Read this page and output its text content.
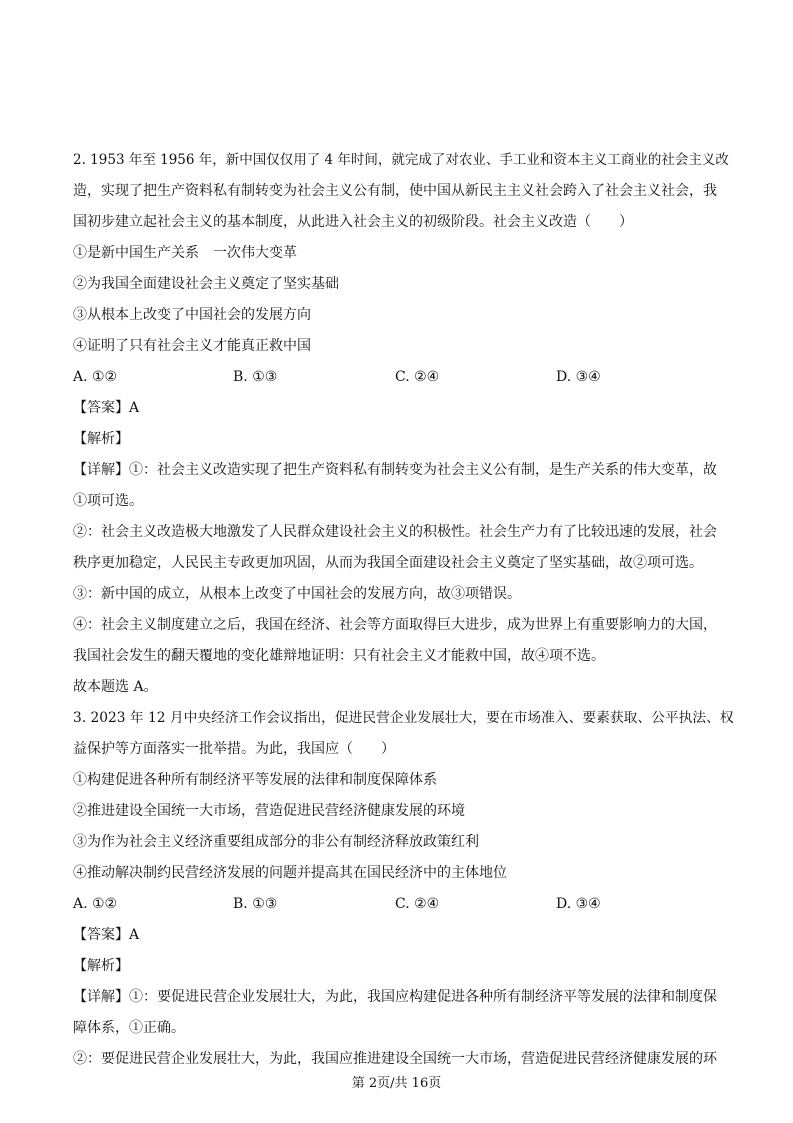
2. 1953 年至 1956 年，新中国仅仅用了 4 年时间，就完成了对农业、手工业和资本主义工商业的社会主义改
造，实现了把生产资料私有制转变为社会主义公有制，使中国从新民主主义社会跨入了社会主义社会，我
国初步建立起社会主义的基本制度，从此进入社会主义的初级阶段。社会主义改造（　　）
①是新中国生产关系　一次伟大变革
②为我国全面建设社会主义奠定了坚实基础
③从根本上改变了中国社会的发展方向
④证明了只有社会主义才能真正救中国
A. ①②	B. ①③	C. ②④	D. ③④
【答案】A
【解析】
【详解】①：社会主义改造实现了把生产资料私有制转变为社会主义公有制，是生产关系的伟大变革，故
①项可选。
②：社会主义改造极大地激发了人民群众建设社会主义的积极性。社会生产力有了比较迅速的发展，社会
秩序更加稳定，人民民主专政更加巩固，从而为我国全面建设社会主义奠定了坚实基础，故②项可选。
③：新中国的成立，从根本上改变了中国社会的发展方向，故③项错误。
④：社会主义制度建立之后，我国在经济、社会等方面取得巨大进步，成为世界上有重要影响力的大国，
我国社会发生的翻天覆地的变化雄辩地证明：只有社会主义才能救中国，故④项不选。
故本题选 A。
3. 2023 年 12 月中央经济工作会议指出，促进民营企业发展壮大，要在市场准入、要素获取、公平执法、权
益保护等方面落实一批举措。为此，我国应（　　）
①构建促进各种所有制经济平等发展的法律和制度保障体系
②推进建设全国统一大市场，营造促进民营经济健康发展的环境
③为作为社会主义经济重要组成部分的非公有制经济释放政策红利
④推动解决制约民营经济发展的问题并提高其在国民经济中的主体地位
A. ①②	B. ①③	C. ②④	D. ③④
【答案】A
【解析】
【详解】①：要促进民营企业发展壮大，为此，我国应构建促进各种所有制经济平等发展的法律和制度保
障体系，①正确。
②：要促进民营企业发展壮大，为此，我国应推进建设全国统一大市场，营造促进民营经济健康发展的环
第 2页/共 16页
